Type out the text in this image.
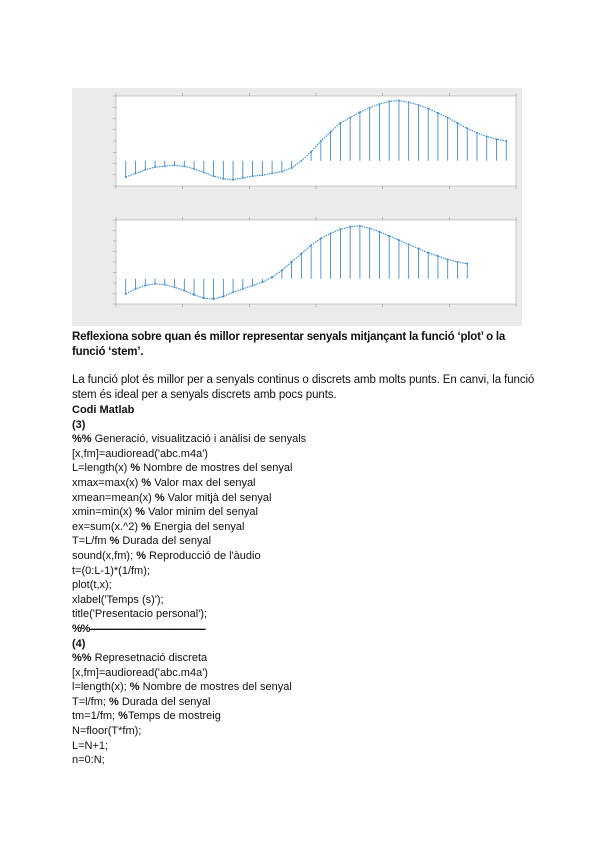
Reflexiona sobre quan és millor representar senyals mitjançant la funció ‘plot’ o la funció ‘stem’.
La funció plot és millor per a senyals continus o discrets amb molts punts. En canvi, la funció stem és ideal per a senyals discrets amb pocs punts.
Codi Matlab
(3)
%% Generació, visualització i anàlisi de senyals
[x,fm]=audioread('abc.m4a')
L=length(x) % Nombre de mostres del senyal
xmax=max(x) % Valor max del senyal
xmean=mean(x) % Valor mitjà del senyal
xmin=min(x) % Valor minim del senyal
ex=sum(x.^2) % Energia del senyal
T=L/fm % Durada del senyal
sound(x,fm); % Reproducció de l'àudio
t=(0:L-1)*(1/fm);
plot(t,x);
xlabel('Temps (s)');
title('Presentacio personal');
%%-----------------------------------------------
(4)
%% Represetnació discreta
[x,fm]=audioread('abc.m4a')
l=length(x); % Nombre de mostres del senyal
T=l/fm; % Durada del senyal
tm=1/fm; %Temps de mostreig
N=floor(T*fm);
L=N+1;
n=0:N;
